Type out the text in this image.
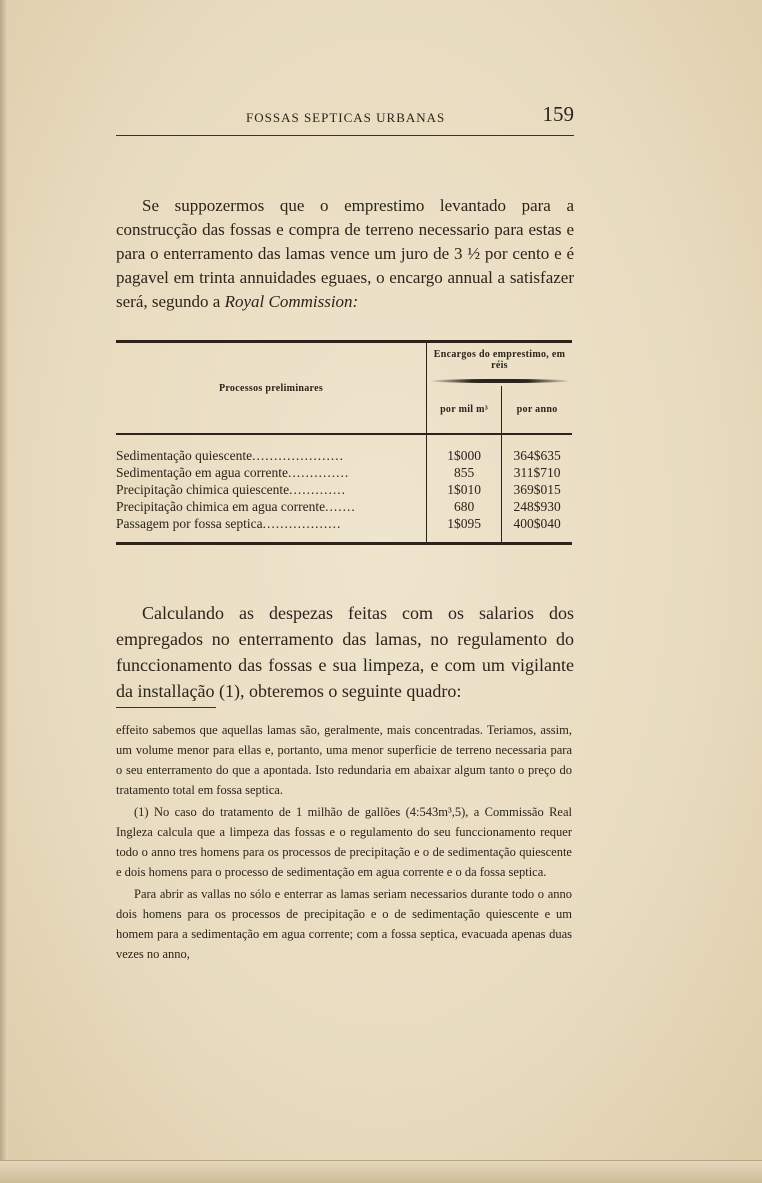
FOSSAS SEPTICAS URBANAS	159
Se suppozermos que o emprestimo levantado para a construcção das fossas e compra de terreno necessario para estas e para o enterramento das lamas vence um juro de 3 ½ por cento e é pagavel em trinta annuidades eguaes, o encargo annual a satisfazer será, segundo a Royal Commission:
Processos preliminares	Encargos do emprestimo, em réis	

	por mil m³	por anno
Sedimentação quiescente.....................	1$000	364$635
Sedimentação em agua corrente..............	855	311$710
Precipitação chimica quiescente.............	1$010	369$015
Precipitação chimica em agua corrente.......	680	248$930
Passagem por fossa septica..................	1$095	400$040
Calculando as despezas feitas com os salarios dos empregados no enterramento das lamas, no regulamento do funccionamento das fossas e sua limpeza, e com um vigilante da installação (1), obteremos o seguinte quadro:

effeito sabemos que aquellas lamas são, geralmente, mais concentradas. Teriamos, assim, um volume menor para ellas e, portanto, uma menor superficie de terreno necessaria para o seu enterramento do que a apontada. Isto redundaria em abaixar algum tanto o preço do tratamento total em fossa septica.

(1) No caso do tratamento de 1 milhão de gallões (4:543m³,5), a Commissão Real Ingleza calcula que a limpeza das fossas e o regulamento do seu funccionamento requer todo o anno tres homens para os processos de precipitação e o de sedimentação quiescente e dois homens para o processo de sedimentação em agua corrente e o da fossa septica.

Para abrir as vallas no sólo e enterrar as lamas seriam necessarios durante todo o anno dois homens para os processos de precipitação e o de sedimentação quiescente e um homem para a sedimentação em agua corrente; com a fossa septica, evacuada apenas duas vezes no anno,
